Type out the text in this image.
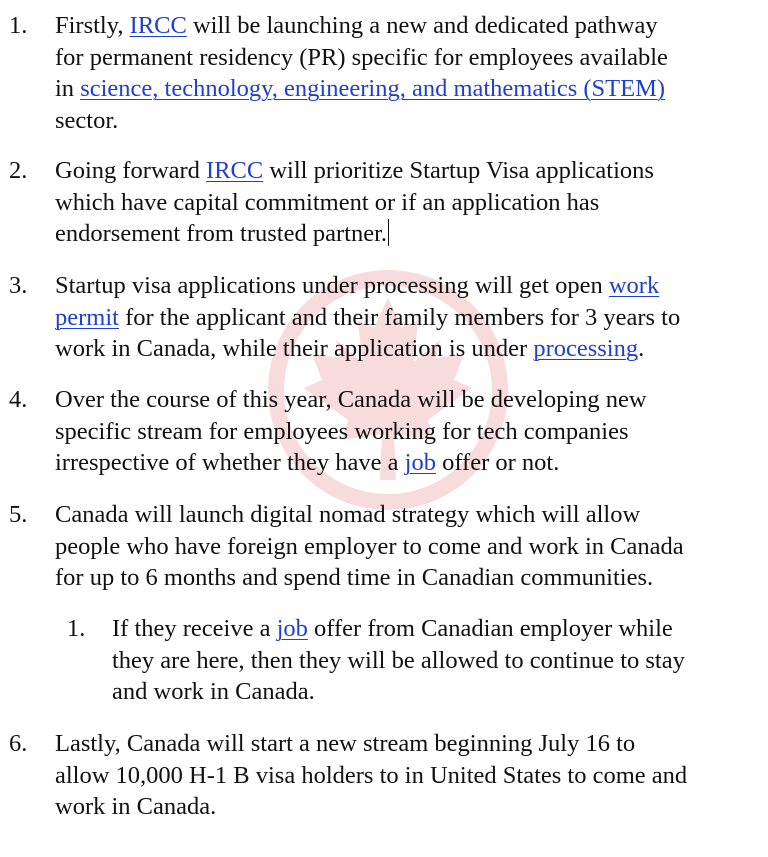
1. Firstly, IRCC will be launching a new and dedicated pathway
for permanent residency (PR) specific for employees available
in science, technology, engineering, and mathematics (STEM)
sector.
2. Going forward IRCC will prioritize Startup Visa applications
which have capital commitment or if an application has
endorsement from trusted partner.
3. Startup visa applications under processing will get open work
permit for the applicant and their family members for 3 years to
work in Canada, while their application is under processing.
4. Over the course of this year, Canada will be developing new
specific stream for employees working for tech companies
irrespective of whether they have a job offer or not.
5. Canada will launch digital nomad strategy which will allow
people who have foreign employer to come and work in Canada
for up to 6 months and spend time in Canadian communities.
1. If they receive a job offer from Canadian employer while
they are here, then they will be allowed to continue to stay
and work in Canada.
6. Lastly, Canada will start a new stream beginning July 16 to
allow 10,000 H-1 B visa holders to in United States to come and
work in Canada.
